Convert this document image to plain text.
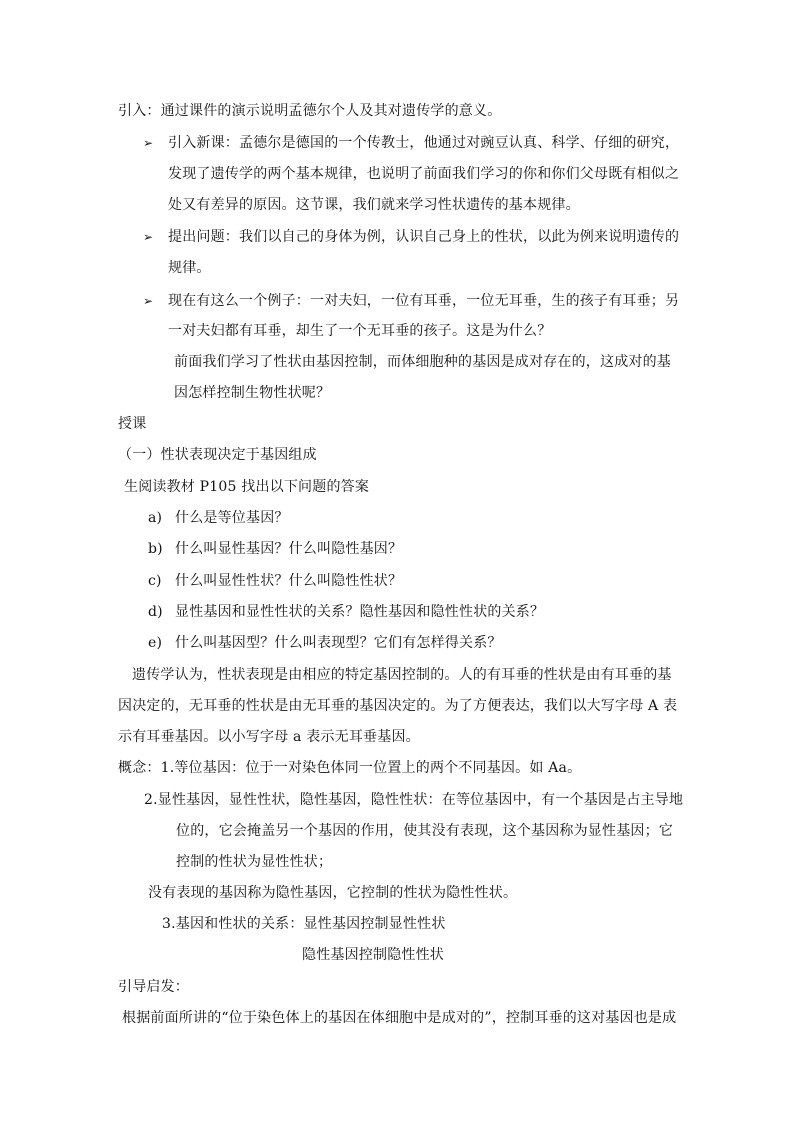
引入：通过课件的演示说明孟德尔个人及其对遗传学的意义。
➢ 引入新课：孟德尔是德国的一个传教士，他通过对豌豆认真、科学、仔细的研究，
发现了遗传学的两个基本规律，也说明了前面我们学习的你和你们父母既有相似之
处又有差异的原因。这节课，我们就来学习性状遗传的基本规律。
➢ 提出问题：我们以自己的身体为例，认识自己身上的性状，以此为例来说明遗传的
规律。
➢ 现在有这么一个例子：一对夫妇，一位有耳垂，一位无耳垂，生的孩子有耳垂；另
一对夫妇都有耳垂，却生了一个无耳垂的孩子。这是为什么？
前面我们学习了性状由基因控制，而体细胞种的基因是成对存在的，这成对的基
因怎样控制生物性状呢？
授课
（一）性状表现决定于基因组成
生阅读教材 P105 找出以下问题的答案
a) 什么是等位基因？
b) 什么叫显性基因？什么叫隐性基因？
c) 什么叫显性性状？什么叫隐性性状？
d) 显性基因和显性性状的关系？隐性基因和隐性性状的关系？
e) 什么叫基因型？什么叫表现型？它们有怎样得关系？
遗传学认为，性状表现是由相应的特定基因控制的。人的有耳垂的性状是由有耳垂的基
因决定的，无耳垂的性状是由无耳垂的基因决定的。为了方便表达，我们以大写字母 A 表
示有耳垂基因。以小写字母 a 表示无耳垂基因。
概念：1.等位基因：位于一对染色体同一位置上的两个不同基因。如 Aa。
2.显性基因，显性性状，隐性基因，隐性性状：在等位基因中，有一个基因是占主导地
位的，它会掩盖另一个基因的作用，使其没有表现，这个基因称为显性基因；它
控制的性状为显性性状；
没有表现的基因称为隐性基因，它控制的性状为隐性性状。
3.基因和性状的关系：显性基因控制显性性状
隐性基因控制隐性性状
引导启发：
根据前面所讲的“位于染色体上的基因在体细胞中是成对的”，控制耳垂的这对基因也是成
